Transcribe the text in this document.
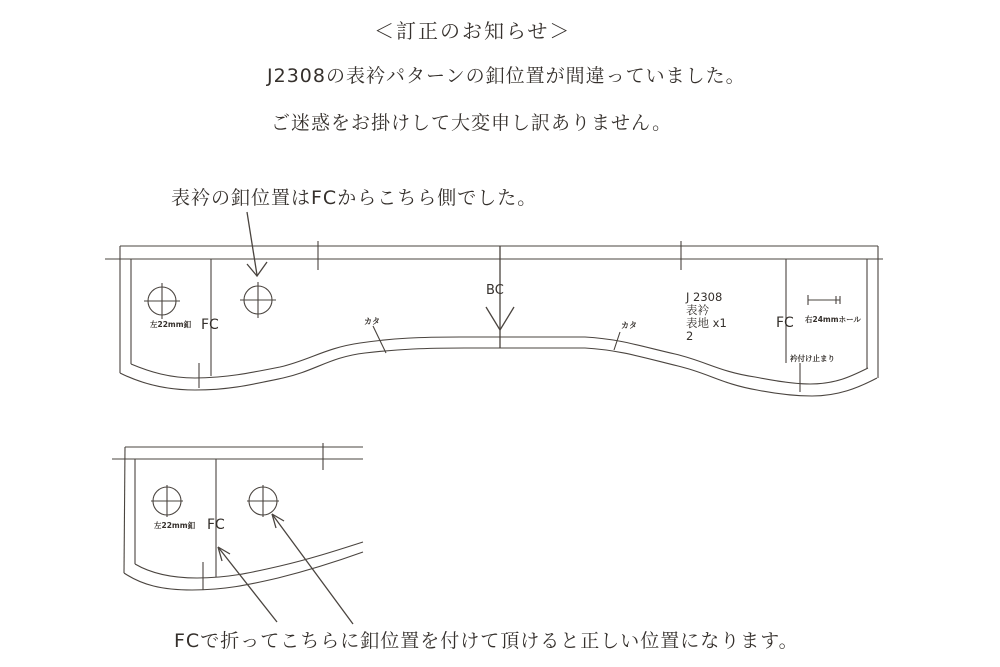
＜訂正のお知らせ＞
J2308の表衿パターンの釦位置が間違っていました。
ご迷惑をお掛けして大変申し訳ありません。
表衿の釦位置はFCからこちら側でした。
FCで折ってこちらに釦位置を付けて頂けると正しい位置になります。
左22mm釦 FC	カタ
BC	J 2308
表衿
表地 x1
2
カタ	FC 右24mmホール
衿付け止まり
左22mm釦 FC
